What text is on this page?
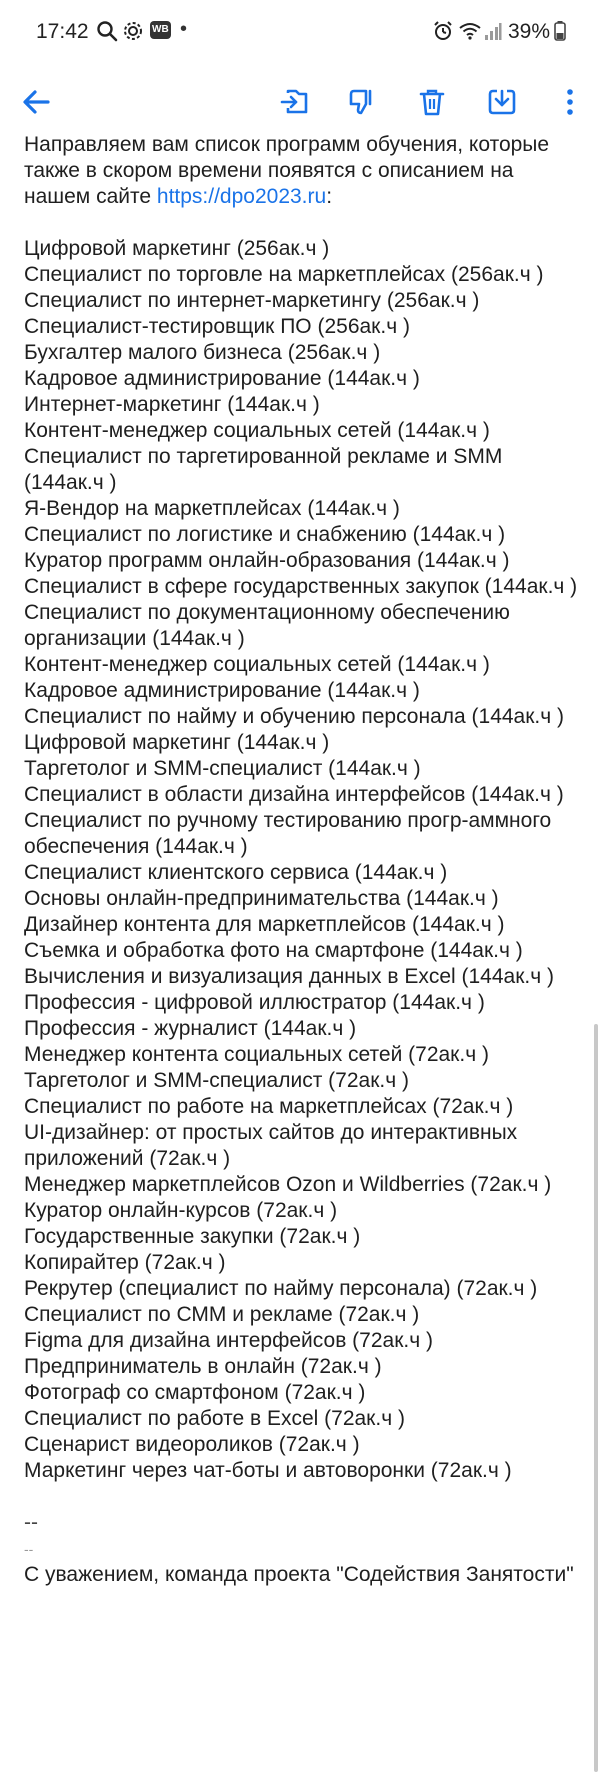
17:42	WB •	39%

Направляем вам список программ обучения, которые также в скором времени появятся с описанием на нашем сайте https://dpo2023.ru:

Цифровой маркетинг (256ак.ч )
Специалист по торговле на маркетплейсах (256ак.ч )
Специалист по интернет-маркетингу (256ак.ч )
Специалист-тестировщик ПО (256ак.ч )
Бухгалтер малого бизнеса (256ак.ч )
Кадровое администрирование (144ак.ч )
Интернет-маркетинг (144ак.ч )
Контент-менеджер социальных сетей (144ак.ч )
Специалист по таргетированной рекламе и SMM (144ак.ч )
Я-Вендор на маркетплейсах (144ак.ч )
Специалист по логистике и снабжению (144ак.ч )
Куратор программ онлайн-образования (144ак.ч )
Специалист в сфере государственных закупок (144ак.ч )
Специалист по документационному обеспечению организации (144ак.ч )
Контент-менеджер социальных сетей (144ак.ч )
Кадровое администрирование (144ак.ч )
Специалист по найму и обучению персонала (144ак.ч )
Цифровой маркетинг (144ак.ч )
Таргетолог и SMM-специалист (144ак.ч )
Специалист в области дизайна интерфейсов (144ак.ч )
Специалист по ручному тестированию прогр-аммного обеспечения (144ак.ч )
Специалист клиентского сервиса (144ак.ч )
Основы онлайн-предпринимательства (144ак.ч )
Дизайнер контента для маркетплейсов (144ак.ч )
Съемка и обработка фото на смартфоне (144ак.ч )
Вычисления и визуализация данных в Excel (144ак.ч )
Профессия - цифровой иллюстратор (144ак.ч )
Профессия - журналист (144ак.ч )
Менеджер контента социальных сетей (72ак.ч )
Таргетолог и SMM-специалист (72ак.ч )
Специалист по работе на маркетплейсах (72ак.ч )
UI-дизайнер: от простых сайтов до интерактивных приложений (72ак.ч )
Менеджер маркетплейсов Ozon и Wildberries (72ак.ч )
Куратор онлайн-курсов (72ак.ч )
Государственные закупки (72ак.ч )
Копирайтер (72ак.ч )
Рекрутер (специалист по найму персонала) (72ак.ч )
Специалист по СММ и рекламе (72ак.ч )
Figma для дизайна интерфейсов (72ак.ч )
Предприниматель в онлайн (72ак.ч )
Фотограф со смартфоном (72ак.ч )
Специалист по работе в Excel (72ак.ч )
Сценарист видеороликов (72ак.ч )
Маркетинг через чат-боты и автоворонки (72ак.ч )
--
--
С уважением, команда проекта "Содействия Занятости"
